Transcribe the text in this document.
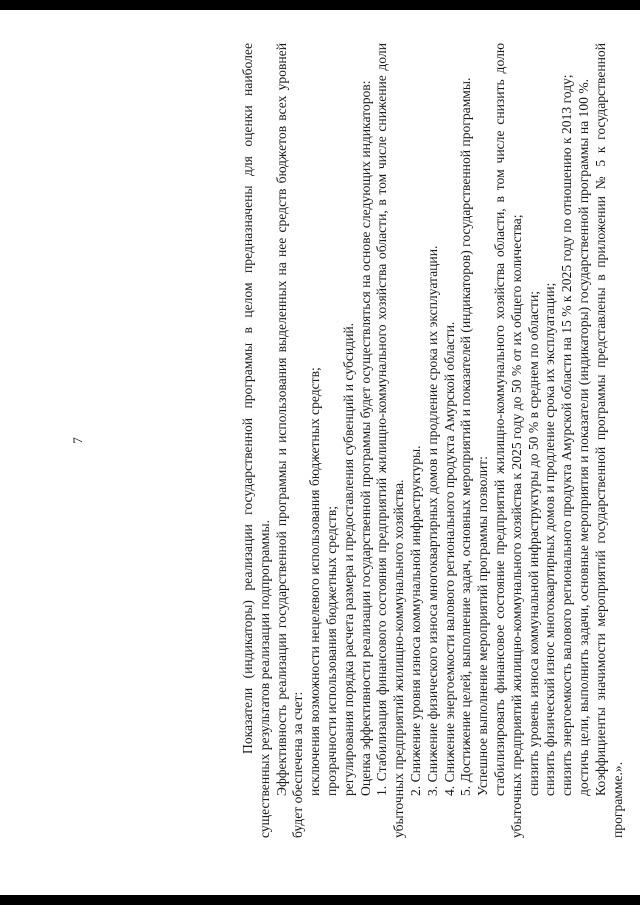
7	Показатели (индикаторы) реализации государственной программы в целом предназначены для оценки наиболее существенных результатов реализации подпрограммы. Эффективность реализации государственной программы и использования выделенных на нее средств бюджетов всех уровней будет обеспечена за счет: исключения возможности нецелевого использования бюджетных средств; прозрачности использования бюджетных средств; регулирования порядка расчета размера и предоставления субвенций и субсидий. Оценка эффективности реализации государственной программы будет осуществляться на основе следующих индикаторов: 1. Стабилизация финансового состояния предприятий жилищно-коммунального хозяйства области, в том числе снижение доли убыточных предприятий жилищно-коммунального хозяйства. 2. Снижение уровня износа коммунальной инфраструктуры. 3. Снижение физического износа многоквартирных домов и продление срока их эксплуатации. 4. Снижение энергоемкости валового регионального продукта Амурской области. 5. Достижение целей, выполнение задач, основных мероприятий и показателей (индикаторов) государственной программы. Успешное выполнение мероприятий программы позволит: стабилизировать финансовое состояние предприятий жилищно-коммунального хозяйства области, в том числе снизить долю убыточных предприятий жилищно-коммунального хозяйства к 2025 году до 50 % от их общего количества; снизить уровень износа коммунальной инфраструктуры до 50 % в среднем по области; снизить физический износ многоквартирных домов и продление срока их эксплуатации; снизить энергоемкость валового регионального продукта Амурской области на 15 % к 2025 году по отношению к 2013 году; достичь цели, выполнить задачи, основные мероприятия и показатели (индикаторы) государственной программы на 100 %. Коэффициенты значимости мероприятий государственной программы представлены в приложении № 5 к государственной программе.».
